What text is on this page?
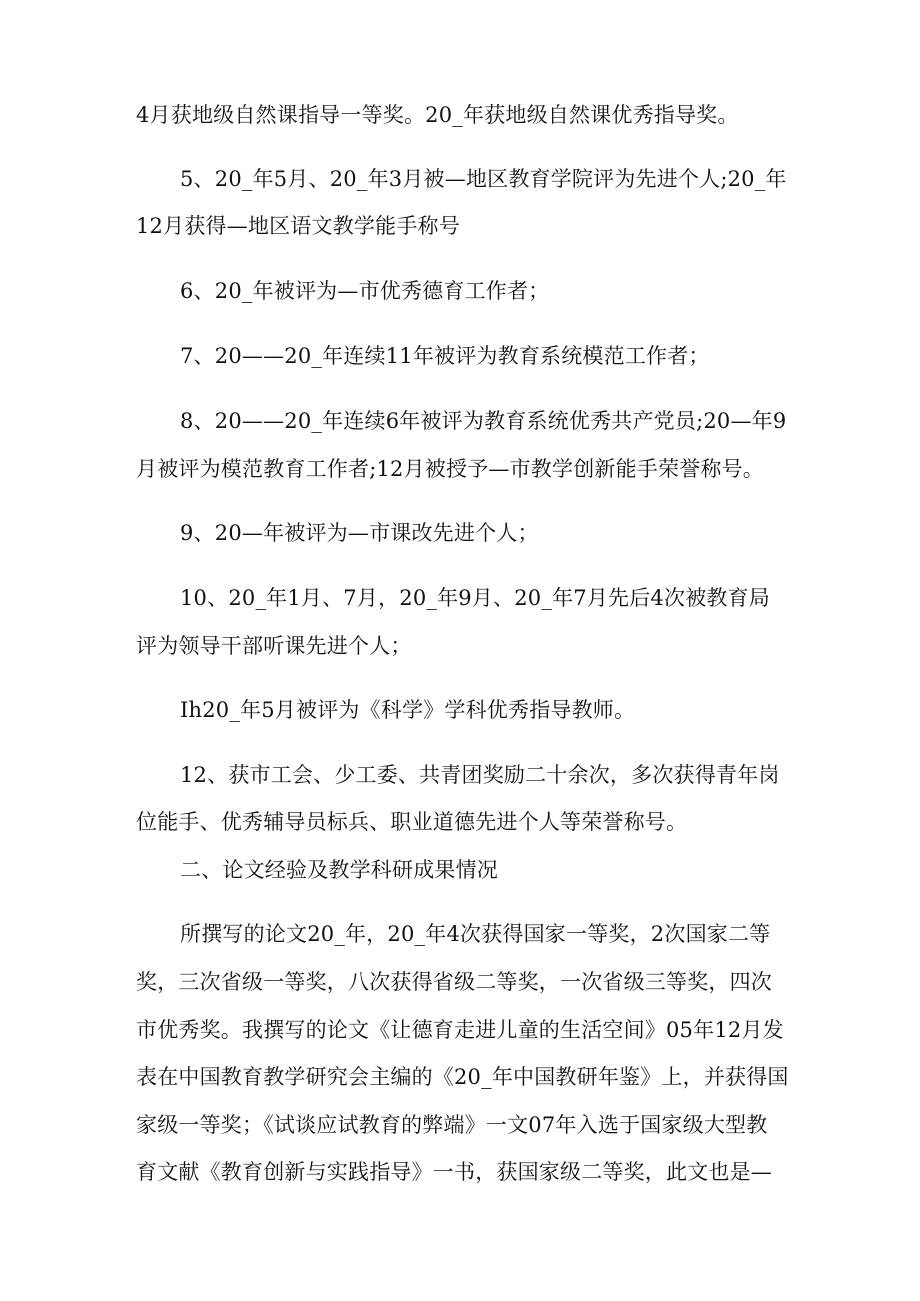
4月获地级自然课指导一等奖。20_年获地级自然课优秀指导奖。
5、20_年5月、20_年3月被—地区教育学院评为先进个人;20_年
12月获得—地区语文教学能手称号
6、20_年被评为—市优秀德育工作者；
7、20——20_年连续11年被评为教育系统模范工作者；
8、20——20_年连续6年被评为教育系统优秀共产党员;20—年9
月被评为模范教育工作者;12月被授予—市教学创新能手荣誉称号。
9、20—年被评为—市课改先进个人；
10、20_年1月、7月，20_年9月、20_年7月先后4次被教育局
评为领导干部听课先进个人；
Ih20_年5月被评为《科学》学科优秀指导教师。
12、获市工会、少工委、共青团奖励二十余次，多次获得青年岗
位能手、优秀辅导员标兵、职业道德先进个人等荣誉称号。
二、论文经验及教学科研成果情况
所撰写的论文20_年，20_年4次获得国家一等奖，2次国家二等
奖，三次省级一等奖，八次获得省级二等奖，一次省级三等奖，四次
市优秀奖。我撰写的论文《让德育走进儿童的生活空间》05年12月发
表在中国教育教学研究会主编的《20_年中国教研年鉴》上，并获得国
家级一等奖；《试谈应试教育的弊端》一文07年入选于国家级大型教
育文献《教育创新与实践指导》一书，获国家级二等奖，此文也是—
